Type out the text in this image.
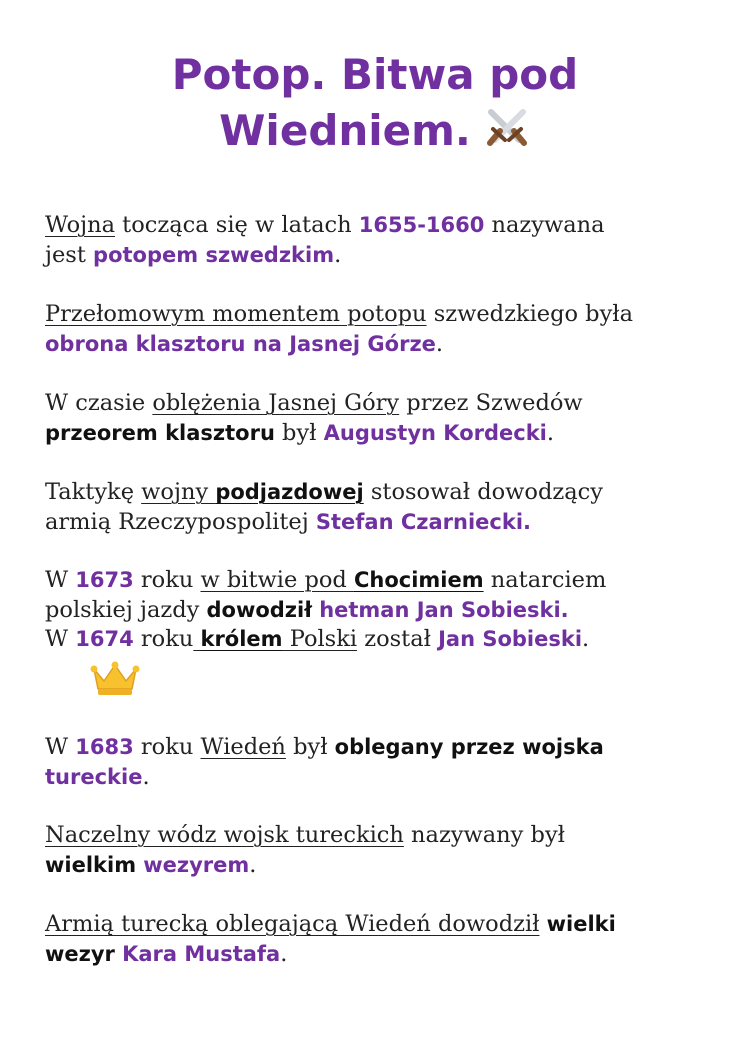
Potop. Bitwa pod
Wiedniem.
Wojna tocząca się w latach 1655-1660 nazywana
jest potopem szwedzkim.
Przełomowym momentem potopu szwedzkiego była
obrona klasztoru na Jasnej Górze.
W czasie oblężenia Jasnej Góry przez Szwedów
przeorem klasztoru był Augustyn Kordecki.
Taktykę wojny podjazdowej stosował dowodzący
armią Rzeczypospolitej Stefan Czarniecki.
W 1673 roku w bitwie pod Chocimiem natarciem
polskiej jazdy dowodził hetman Jan Sobieski.
W 1674 roku królem Polski został Jan Sobieski.
W 1683 roku Wiedeń był oblegany przez wojska
tureckie.
Naczelny wódz wojsk tureckich nazywany był
wielkim wezyrem.
Armią turecką oblegającą Wiedeń dowodził wielki
wezyr Kara Mustafa.
